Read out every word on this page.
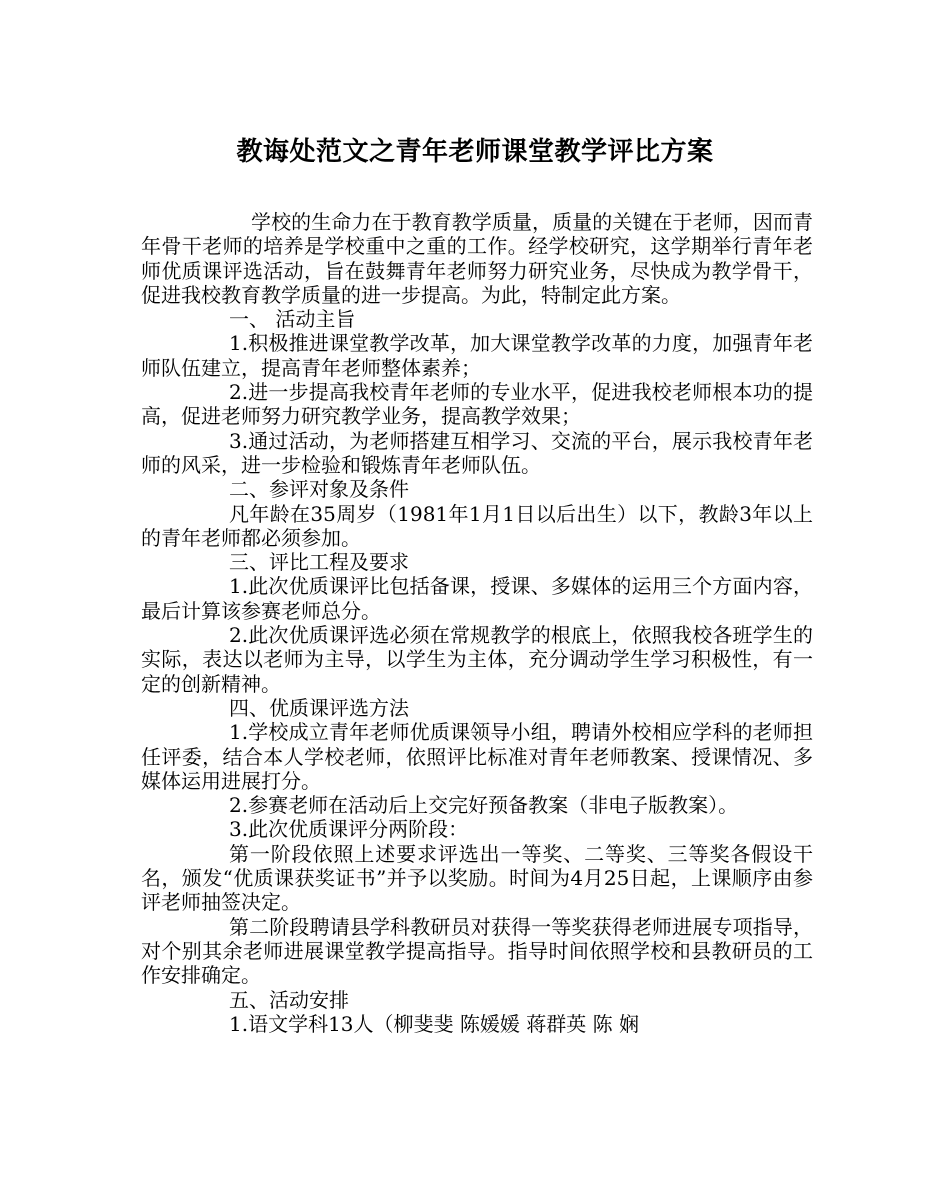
教诲处范文之青年老师课堂教学评比方案

学校的生命力在于教育教学质量，质量的关键在于老师，因而青年骨干老师的培养是学校重中之重的工作。经学校研究，这学期举行青年老师优质课评选活动，旨在鼓舞青年老师努力研究业务，尽快成为教学骨干，促进我校教育教学质量的进一步提高。为此，特制定此方案。

一、 活动主旨

1.积极推进课堂教学改革，加大课堂教学改革的力度，加强青年老师队伍建立，提高青年老师整体素养；

2.进一步提高我校青年老师的专业水平，促进我校老师根本功的提高，促进老师努力研究教学业务，提高教学效果；

3.通过活动，为老师搭建互相学习、交流的平台，展示我校青年老师的风采，进一步检验和锻炼青年老师队伍。

二、参评对象及条件

凡年龄在35周岁（1981年1月1日以后出生）以下，教龄3年以上的青年老师都必须参加。

三、评比工程及要求

1.此次优质课评比包括备课，授课、多媒体的运用三个方面内容，最后计算该参赛老师总分。

2.此次优质课评选必须在常规教学的根底上，依照我校各班学生的实际，表达以老师为主导，以学生为主体，充分调动学生学习积极性，有一定的创新精神。

四、优质课评选方法

1.学校成立青年老师优质课领导小组，聘请外校相应学科的老师担任评委，结合本人学校老师，依照评比标准对青年老师教案、授课情况、多媒体运用进展打分。

2.参赛老师在活动后上交完好预备教案（非电子版教案）。

3.此次优质课评分两阶段：

第一阶段依照上述要求评选出一等奖、二等奖、三等奖各假设干名，颁发“优质课获奖证书”并予以奖励。时间为4月25日起，上课顺序由参评老师抽签决定。

第二阶段聘请县学科教研员对获得一等奖获得老师进展专项指导，对个别其余老师进展课堂教学提高指导。指导时间依照学校和县教研员的工作安排确定。

五、活动安排

1.语文学科13人（柳斐斐 陈媛媛 蒋群英 陈 娴
